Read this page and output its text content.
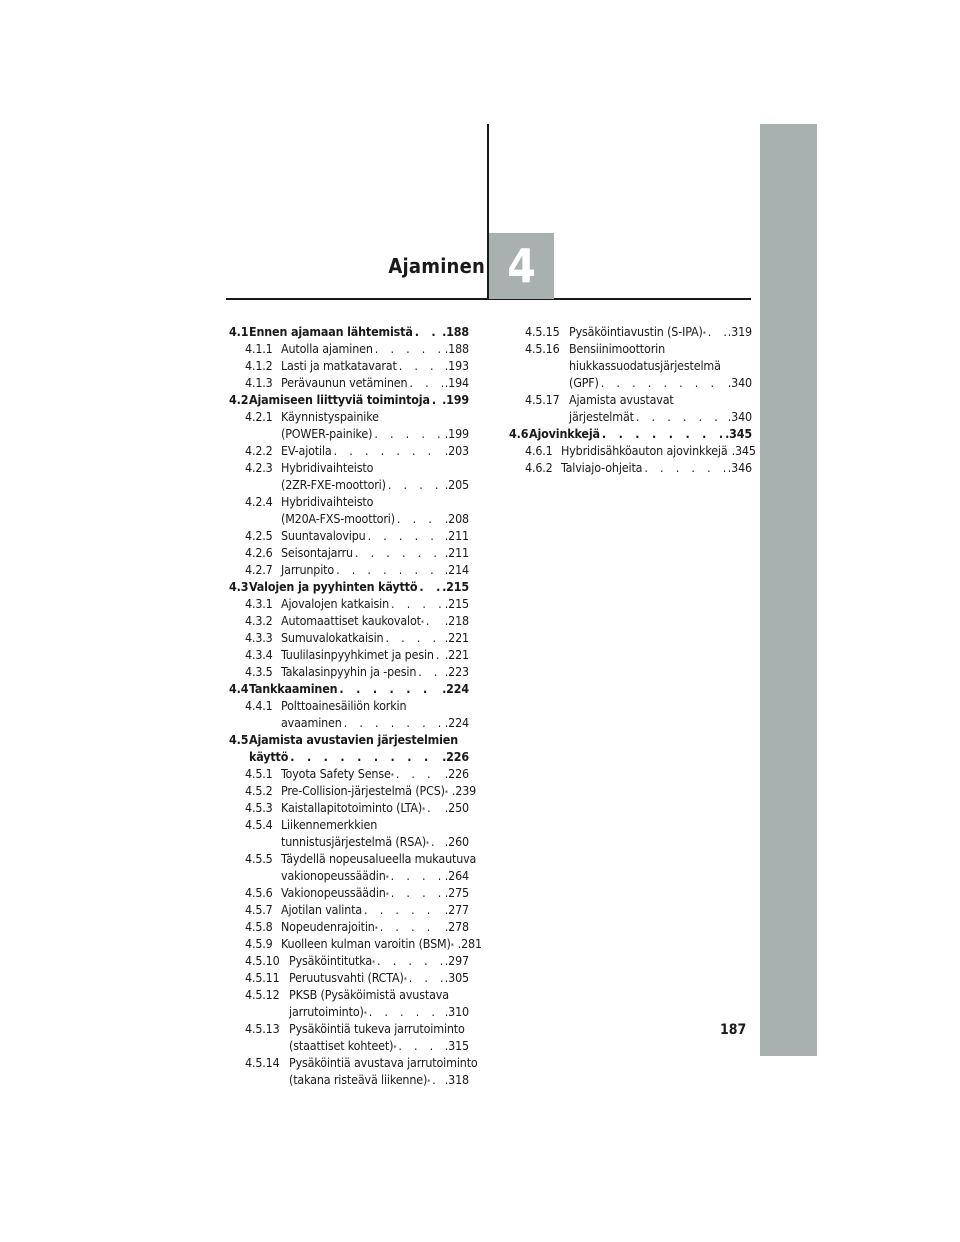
Ajaminen 4
4.1 Ennen ajamaan lähtemistä . . . .188
4.1.1 Autolla ajaminen . . .	.188
4.1.2 Lasti ja matkatavarat . . .	.193
4.1.3 Perävaunun vetäminen . . .	.194
4.2 Ajamiseen liittyviä toimintoja . . . .199
4.2.1 Käynnistyspainike
(POWER-painike) . . .	.199
4.2.2 EV-ajotila . . .	.203
4.2.3 Hybridivaihteisto
(2ZR-FXE-moottori) . . .	.205
4.2.4 Hybridivaihteisto
(M20A-FXS-moottori) . . .	.208
4.2.5 Suuntavalovipu . . .	.211
4.2.6 Seisontajarru . . .	.211
4.2.7 Jarrunpito . . .	.214
4.3 Valojen ja pyyhinten käyttö . . . .215
4.3.1 Ajovalojen katkaisin . . .	.215
4.3.2 Automaattiset kaukovalot * . . . .218
4.3.3 Sumuvalokatkaisin . . .	.221
4.3.4 Tuulilasinpyyhkimet ja pesin . . . .221
4.3.5 Takalasinpyyhin ja -pesin . . . .223
4.4 Tankkaaminen . . .	.224
4.4.1 Polttoainesäiliön korkin
avaaminen . . .	.224
4.5 Ajamista avustavien järjestelmien
käyttö . . .	.226
4.5.1 Toyota Safety Sense * . . .	.226
4.5.2 Pre-Collision-järjestelmä (PCS) * .239
4.5.3 Kaistallapitotoiminto (LTA) * . . . .250
4.5.4 Liikennemerkkien
tunnistusjärjestelmä (RSA) * . . . .260
4.5.5 Täydellä nopeusalueella mukautuva
vakionopeussäädin * . . .	.264
4.5.6 Vakionopeussäädin * . . .	.275
4.5.7 Ajotilan valinta . . .	.277
4.5.8 Nopeudenrajoitin * . . .	.278
4.5.9 Kuolleen kulman varoitin (BSM) * .281
4.5.10 Pysäköintitutka * . . .	.297
4.5.11 Peruutusvahti (RCTA) * . . .	.305
4.5.12 PKSB (Pysäköimistä avustava
jarrutoiminto) * . . .	.310
4.5.13 Pysäköintiä tukeva jarrutoiminto
(staattiset kohteet) * . . .	.315
4.5.14 Pysäköintiä avustava jarrutoiminto
(takana risteävä liikenne) * . . . .318
4.5.15 Pysäköintiavustin (S-IPA) * . . . .319
4.5.16 Bensiinimoottorin
hiukkassuodatusjärjestelmä
(GPF) . . .	.340
4.5.17 Ajamista avustavat
järjestelmät . . .	.340
4.6 Ajovinkkejä . . .	.345
4.6.1 Hybridisähköauton ajovinkkejä .345
4.6.2 Talviajo-ohjeita . . .	.346
187
